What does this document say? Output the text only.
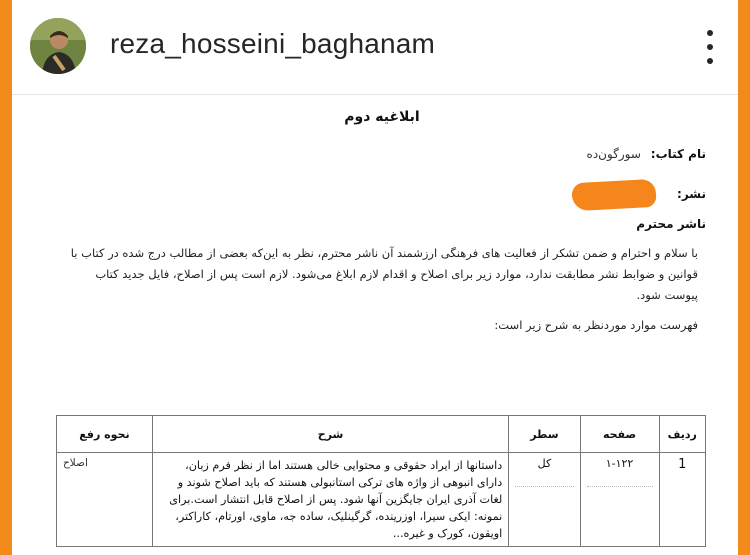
reza_hosseini_baghanam
ابلاغیه دوم
نام کتاب: سورگون‌ده
نشر:
ناشر محترم
با سلام و احترام و ضمن تشکر از فعالیت های فرهنگی ارزشمند آن ناشر محترم، نظر به این‌که بعضی از مطالب درج شده در کتاب با قوانین و ضوابط نشر مطابقت ندارد، موارد زیر برای اصلاح و اقدام لازم ابلاغ می‌شود. لازم است پس از اصلاح، فایل جدید کتاب پیوست شود.
فهرست موارد موردنظر به شرح زیر است:
نحوه رفع	شرح	سطر	صفحه	ردیف
اصلاح	داستانها از ایراد حقوقی و محتوایی خالی هستند اما از نظر فرم زبان، دارای انبوهی از واژه های ترکی استانبولی هستند که باید اصلاح شوند و لغات آذری ایران جایگزین آنها شود. پس از اصلاح قابل انتشار است.برای نمونه: ایکی سیرا، اوزریندە، گرگینلیک، سادە جه، ماوی، اورتام، کاراکتر، اویقون، کورک و غیره...	کل	۱-۱۲۲	1
